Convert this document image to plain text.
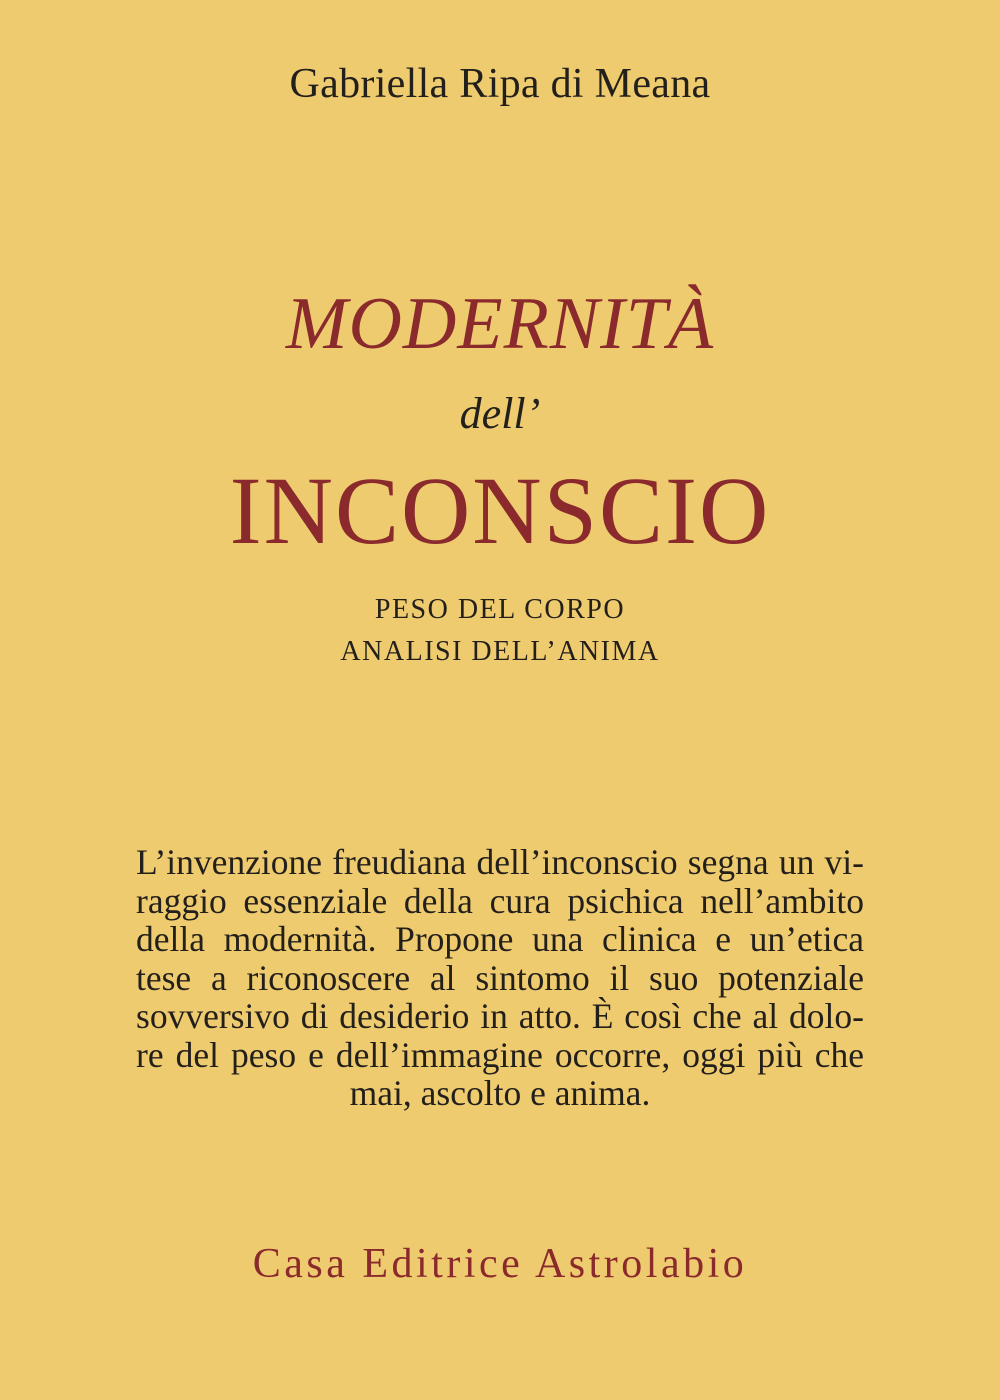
Gabriella Ripa di Meana
MODERNITÀ
dell’
INCONSCIO
PESO DEL CORPO
ANALISI DELL’ANIMA
L’invenzione freudiana dell’inconscio segna un vi-
raggio essenziale della cura psichica nell’ambito
della modernità. Propone una clinica e un’etica
tese a riconoscere al sintomo il suo potenziale
sovversivo di desiderio in atto. È così che al dolo-
re del peso e dell’immagine occorre, oggi più che
mai, ascolto e anima.
Casa Editrice Astrolabio
